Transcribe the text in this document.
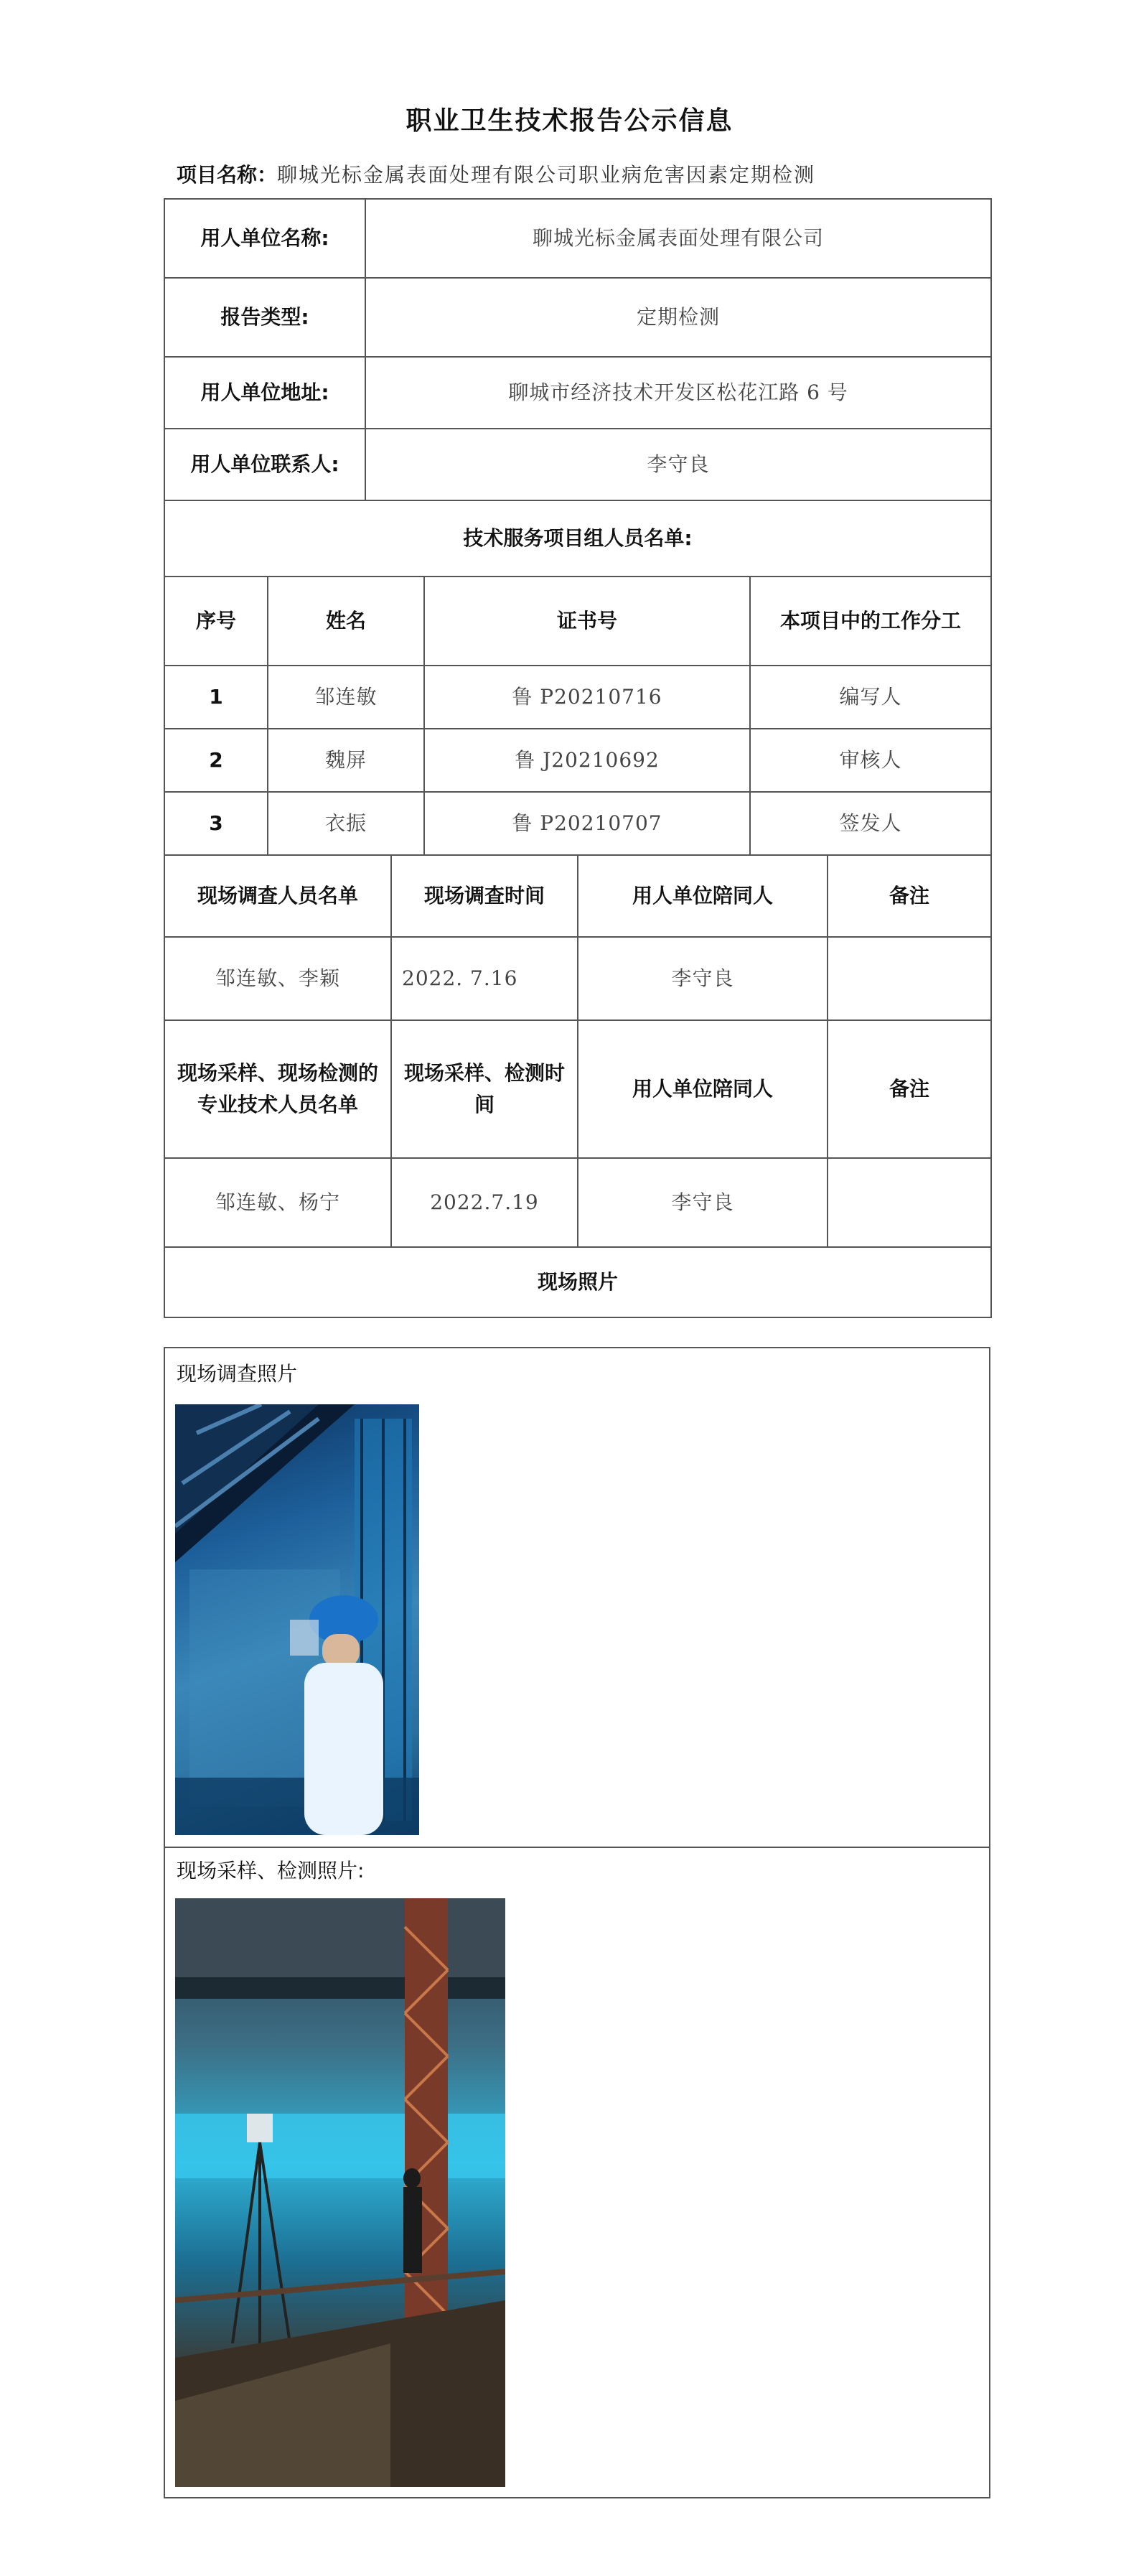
职业卫生技术报告公示信息
项目名称：聊城光标金属表面处理有限公司职业病危害因素定期检测
用人单位名称:	聊城光标金属表面处理有限公司
报告类型:	定期检测
用人单位地址:	聊城市经济技术开发区松花江路 6 号
用人单位联系人:	李守良
技术服务项目组人员名单:	
序号	姓名	证书号	本项目中的工作分工
1	邹连敏	鲁 P20210716	编写人
2	魏屏	鲁 J20210692	审核人
3	衣振	鲁 P20210707	签发人
现场调查人员名单	现场调查时间	用人单位陪同人	备注
邹连敏、李颖	2022. 7.16	李守良	
现场采样、现场检测的专业技术人员名单	现场采样、检测时间	用人单位陪同人	备注
邹连敏、杨宁	2022.7.19	李守良	
现场照片			
现场调查照片
现场采样、检测照片:
